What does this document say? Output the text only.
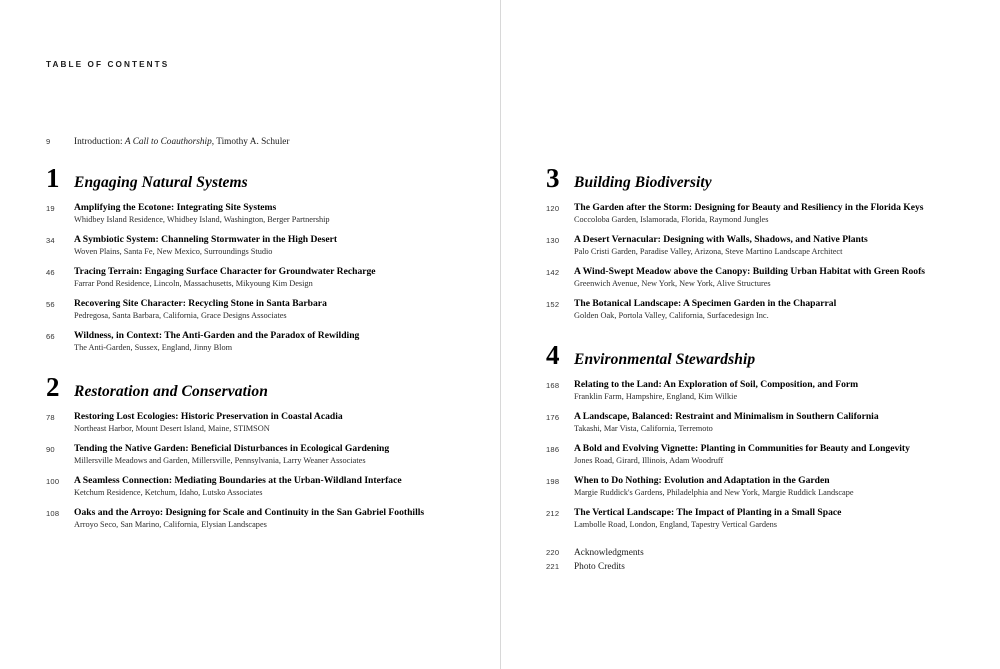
TABLE OF CONTENTS
9	Introduction: A Call to Coauthorship, Timothy A. Schuler
1 Engaging Natural Systems
19	Amplifying the Ecotone: Integrating Site Systems
Whidbey Island Residence, Whidbey Island, Washington, Berger Partnership
34	A Symbiotic System: Channeling Stormwater in the High Desert
Woven Plains, Santa Fe, New Mexico, Surroundings Studio
46	Tracing Terrain: Engaging Surface Character for Groundwater Recharge
Farrar Pond Residence, Lincoln, Massachusetts, Mikyoung Kim Design
56	Recovering Site Character: Recycling Stone in Santa Barbara
Pedregosa, Santa Barbara, California, Grace Designs Associates
66	Wildness, in Context: The Anti-Garden and the Paradox of Rewilding
The Anti-Garden, Sussex, England, Jinny Blom
2 Restoration and Conservation
78	Restoring Lost Ecologies: Historic Preservation in Coastal Acadia
Northeast Harbor, Mount Desert Island, Maine, STIMSON
90	Tending the Native Garden: Beneficial Disturbances in Ecological Gardening
Millersville Meadows and Garden, Millersville, Pennsylvania, Larry Weaner Associates
100	A Seamless Connection: Mediating Boundaries at the Urban-Wildland Interface
Ketchum Residence, Ketchum, Idaho, Lutsko Associates
108	Oaks and the Arroyo: Designing for Scale and Continuity in the San Gabriel Foothills
Arroyo Seco, San Marino, California, Elysian Landscapes
3 Building Biodiversity
120	The Garden after the Storm: Designing for Beauty and Resiliency in the Florida Keys
Coccoloba Garden, Islamorada, Florida, Raymond Jungles
130	A Desert Vernacular: Designing with Walls, Shadows, and Native Plants
Palo Cristi Garden, Paradise Valley, Arizona, Steve Martino Landscape Architect
142	A Wind-Swept Meadow above the Canopy: Building Urban Habitat with Green Roofs
Greenwich Avenue, New York, New York, Alive Structures
152	The Botanical Landscape: A Specimen Garden in the Chaparral
Golden Oak, Portola Valley, California, Surfacedesign Inc.
4 Environmental Stewardship
168	Relating to the Land: An Exploration of Soil, Composition, and Form
Franklin Farm, Hampshire, England, Kim Wilkie
176	A Landscape, Balanced: Restraint and Minimalism in Southern California
Takashi, Mar Vista, California, Terremoto
186	A Bold and Evolving Vignette: Planting in Communities for Beauty and Longevity
Jones Road, Girard, Illinois, Adam Woodruff
198	When to Do Nothing: Evolution and Adaptation in the Garden
Margie Ruddick's Gardens, Philadelphia and New York, Margie Ruddick Landscape
212	The Vertical Landscape: The Impact of Planting in a Small Space
Lambolle Road, London, England, Tapestry Vertical Gardens
220	Acknowledgments
221	Photo Credits
